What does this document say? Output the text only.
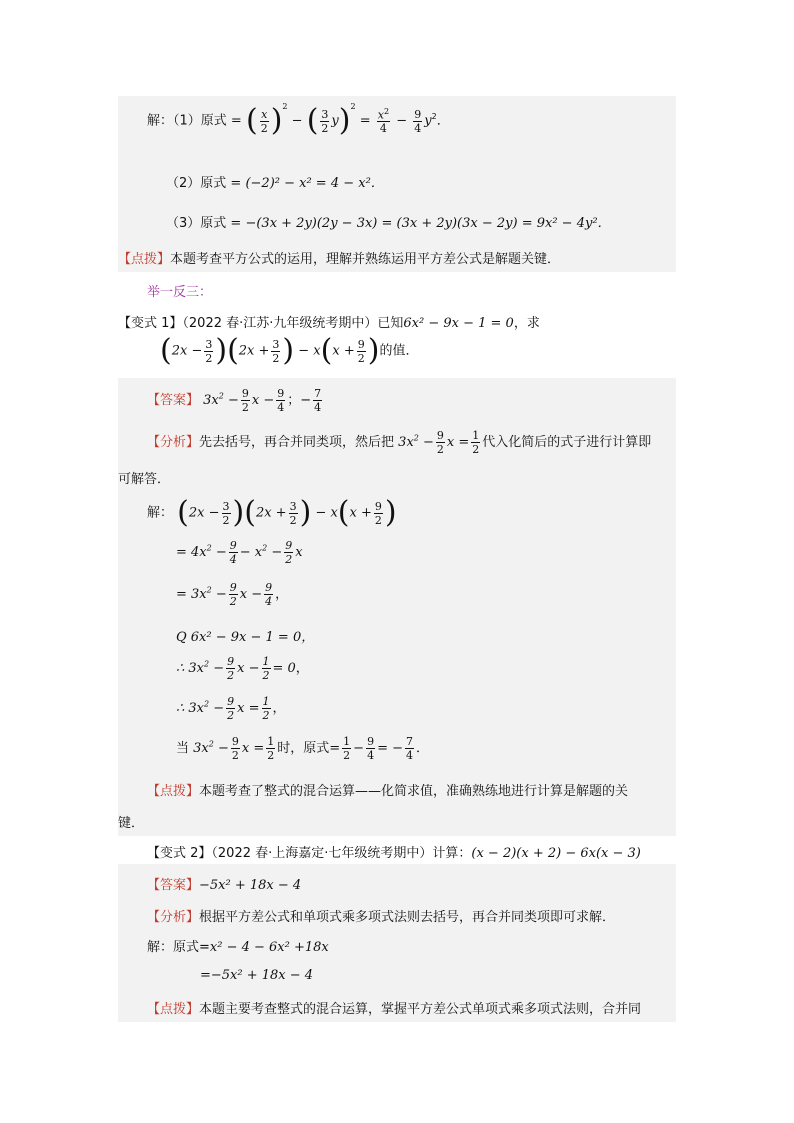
解：（1）原式 = ( $\frac{x}{2} )^2$ − ( $\frac{3}{2} y)^2 = \frac{x^2}{4} - \frac{9}{4} y^2$．
（2）原式 = (−2)² − x² = 4 − x²．
（3）原式 = −(3x + 2y)(2y − 3x) = (3x + 2y)(3x − 2y) = 9x² − 4y²．
【点拨】本题考查平方公式的运用，理解并熟练运用平方差公式是解题关键．
举一反三：
【变式 1】（2022 春·江苏·九年级统考期中）已知6x² − 9x − 1 = 0，求
$(2x - \frac{3}{2} )(2x + \frac{3}{2}$ ) − $x(x + \frac{9}{2}$ )的值．
【答案】 $3x^2 - \frac{9}{2}$ $x - \frac{9}{4}$ ；− $\frac{7}{4}$
【分析】先去括号，再合并同类项，然后把 $3x^2 - \frac{9}{2}$ $x = \frac{1}{2}$ 代入化简后的式子进行计算即
可解答．
解： $(2x - \frac{3}{2} )(2x + \frac{3}{2}$ ) − $x(x + \frac{9}{2}$ )
= $4x^2 - \frac{9}{4} - x^2 - \frac{9}{2}$ x
= $3x^2 - \frac{9}{2}$ $x - \frac{9}{4}$ ，
Q 6x² − 9x − 1 = 0，
∴ $3x^2 - \frac{9}{2}$ $x - \frac{1}{2} = 0$，
∴ $3x^2 - \frac{9}{2}$ $x = \frac{1}{2}$ ，
当 $3x^2 - \frac{9}{2}$ $x = \frac{1}{2}$ 时，原式= $\frac{1}{2} - \frac{9}{4}$ = − $\frac{7}{4}$ ．
【点拨】本题考查了整式的混合运算——化简求值，准确熟练地进行计算是解题的关
键．
【变式 2】（2022 春·上海嘉定·七年级统考期中）计算：(x − 2)(x + 2) − 6x(x − 3)
【答案】−5x² + 18x − 4
【分析】根据平方差公式和单项式乘多项式法则去括号，再合并同类项即可求解．
解：原式=x² − 4 − 6x² +18x
=−5x² + 18x − 4
【点拨】本题主要考查整式的混合运算，掌握平方差公式单项式乘多项式法则，合并同
